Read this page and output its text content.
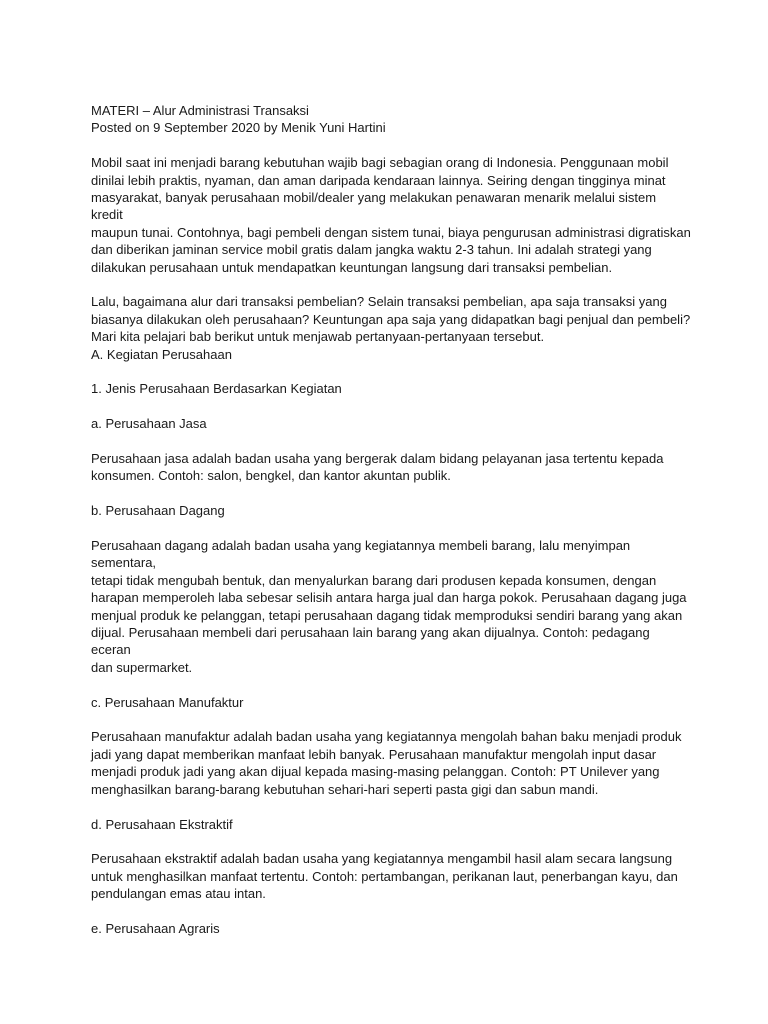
MATERI – Alur Administrasi Transaksi

Posted on 9 September 2020 by Menik Yuni Hartini

Mobil saat ini menjadi barang kebutuhan wajib bagi sebagian orang di Indonesia. Penggunaan mobil

dinilai lebih praktis, nyaman, dan aman daripada kendaraan lainnya. Seiring dengan tingginya minat

masyarakat, banyak perusahaan mobil/dealer yang melakukan penawaran menarik melalui sistem kredit

maupun tunai. Contohnya, bagi pembeli dengan sistem tunai, biaya pengurusan administrasi digratiskan

dan diberikan jaminan service mobil gratis dalam jangka waktu 2-3 tahun. Ini adalah strategi yang

dilakukan perusahaan untuk mendapatkan keuntungan langsung dari transaksi pembelian.

Lalu, bagaimana alur dari transaksi pembelian? Selain transaksi pembelian, apa saja transaksi yang

biasanya dilakukan oleh perusahaan? Keuntungan apa saja yang didapatkan bagi penjual dan pembeli?

Mari kita pelajari bab berikut untuk menjawab pertanyaan-pertanyaan tersebut.

A. Kegiatan Perusahaan

1. Jenis Perusahaan Berdasarkan Kegiatan

a. Perusahaan Jasa

Perusahaan jasa adalah badan usaha yang bergerak dalam bidang pelayanan jasa tertentu kepada

konsumen. Contoh: salon, bengkel, dan kantor akuntan publik.

b. Perusahaan Dagang

Perusahaan dagang adalah badan usaha yang kegiatannya membeli barang, lalu menyimpan sementara,

tetapi tidak mengubah bentuk, dan menyalurkan barang dari produsen kepada konsumen, dengan

harapan memperoleh laba sebesar selisih antara harga jual dan harga pokok. Perusahaan dagang juga

menjual produk ke pelanggan, tetapi perusahaan dagang tidak memproduksi sendiri barang yang akan

dijual. Perusahaan membeli dari perusahaan lain barang yang akan dijualnya. Contoh: pedagang eceran

dan supermarket.

c. Perusahaan Manufaktur

Perusahaan manufaktur adalah badan usaha yang kegiatannya mengolah bahan baku menjadi produk

jadi yang dapat memberikan manfaat lebih banyak. Perusahaan manufaktur mengolah input dasar

menjadi produk jadi yang akan dijual kepada masing-masing pelanggan. Contoh: PT Unilever yang

menghasilkan barang-barang kebutuhan sehari-hari seperti pasta gigi dan sabun mandi.

d. Perusahaan Ekstraktif

Perusahaan ekstraktif adalah badan usaha yang kegiatannya mengambil hasil alam secara langsung

untuk menghasilkan manfaat tertentu. Contoh: pertambangan, perikanan laut, penerbangan kayu, dan

pendulangan emas atau intan.

e. Perusahaan Agraris
